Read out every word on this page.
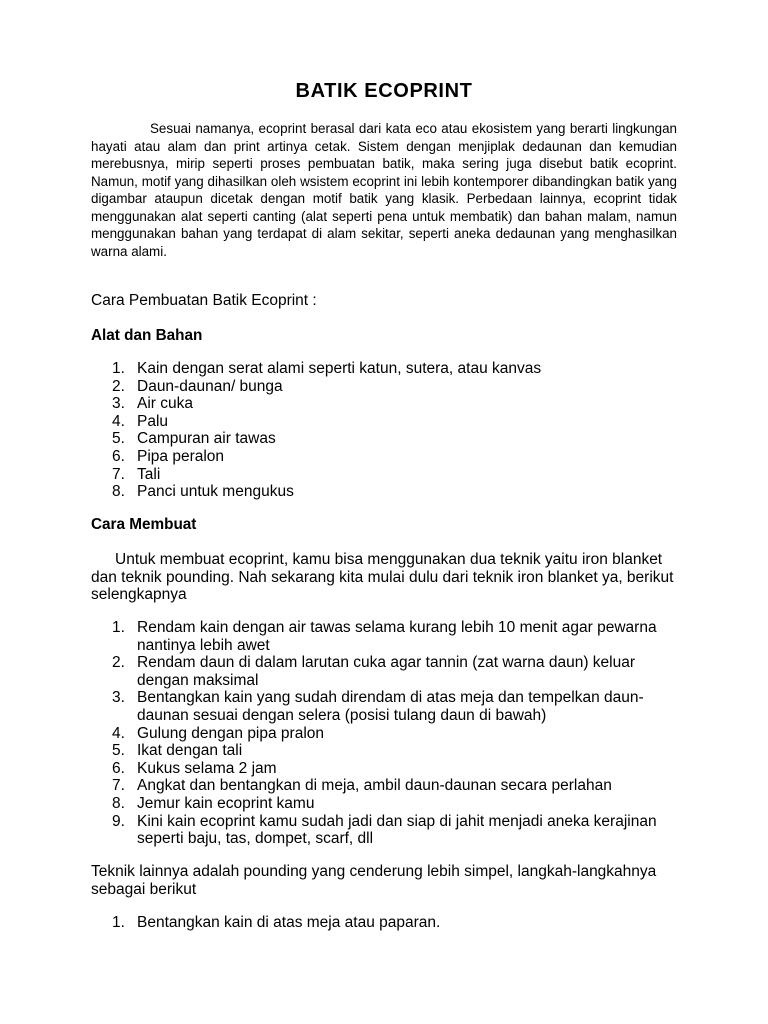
BATIK ECOPRINT

Sesuai namanya, ecoprint berasal dari kata eco atau ekosistem yang berarti lingkungan hayati atau alam dan print artinya cetak. Sistem dengan menjiplak dedaunan dan kemudian merebusnya, mirip seperti proses pembuatan batik, maka sering juga disebut batik ecoprint. Namun, motif yang dihasilkan oleh wsistem ecoprint ini lebih kontemporer dibandingkan batik yang digambar ataupun dicetak dengan motif batik yang klasik. Perbedaan lainnya, ecoprint tidak menggunakan alat seperti canting (alat seperti pena untuk membatik) dan bahan malam, namun menggunakan bahan yang terdapat di alam sekitar, seperti aneka dedaunan yang menghasilkan warna alami.

Cara Pembuatan Batik Ecoprint :

Alat dan Bahan

1. Kain dengan serat alami seperti katun, sutera, atau kanvas
2. Daun-daunan/ bunga
3. Air cuka
4. Palu
5. Campuran air tawas
6. Pipa peralon
7. Tali
8. Panci untuk mengukus

Cara Membuat

Untuk membuat ecoprint, kamu bisa menggunakan dua teknik yaitu iron blanket dan teknik pounding. Nah sekarang kita mulai dulu dari teknik iron blanket ya, berikut selengkapnya

1. Rendam kain dengan air tawas selama kurang lebih 10 menit agar pewarna nantinya lebih awet
2. Rendam daun di dalam larutan cuka agar tannin (zat warna daun) keluar dengan maksimal
3. Bentangkan kain yang sudah direndam di atas meja dan tempelkan daun-daunan sesuai dengan selera (posisi tulang daun di bawah)
4. Gulung dengan pipa pralon
5. Ikat dengan tali
6. Kukus selama 2 jam
7. Angkat dan bentangkan di meja, ambil daun-daunan secara perlahan
8. Jemur kain ecoprint kamu
9. Kini kain ecoprint kamu sudah jadi dan siap di jahit menjadi aneka kerajinan seperti baju, tas, dompet, scarf, dll

Teknik lainnya adalah pounding yang cenderung lebih simpel, langkah-langkahnya sebagai berikut

1. Bentangkan kain di atas meja atau paparan.
